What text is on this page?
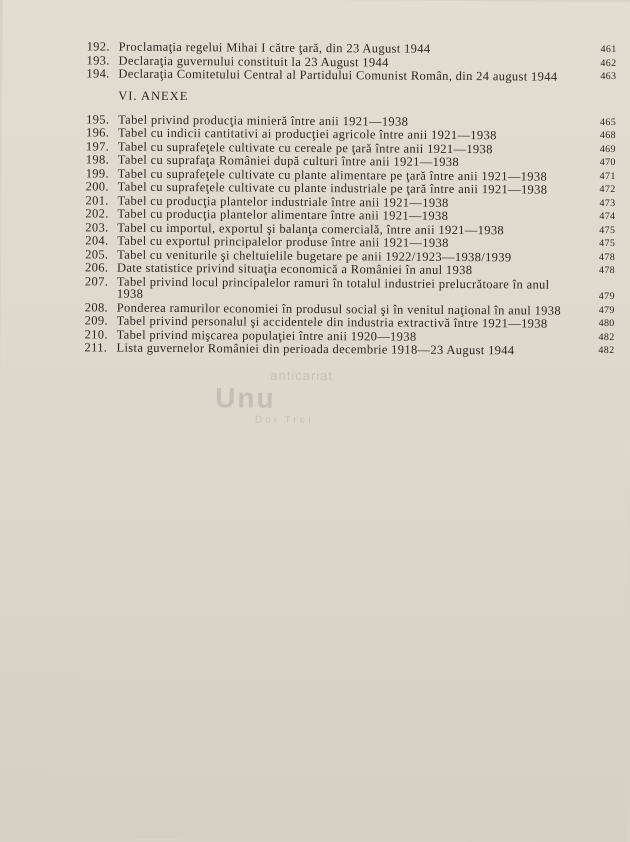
192. Proclamaţia regelui Mihai I către ţară, din 23 August 1944	461
193. Declaraţia guvernului constituit la 23 August 1944	462
194. Declaraţia Comitetului Central al Partidului Comunist Român, din 24 august 1944	463
VI. ANEXE
195. Tabel privind producţia minieră între anii 1921—1938	465
196. Tabel cu indicii cantitativi ai producţiei agricole între anii 1921—1938	468
197. Tabel cu suprafeţele cultivate cu cereale pe ţară între anii 1921—1938	469
198. Tabel cu suprafaţa României după culturi între anii 1921—1938	470
199. Tabel cu suprafeţele cultivate cu plante alimentare pe ţară între anii 1921—1938	471
200. Tabel cu suprafeţele cultivate cu plante industriale pe ţară între anii 1921—1938	472
201. Tabel cu producţia plantelor industriale între anii 1921—1938	473
202. Tabel cu producţia plantelor alimentare între anii 1921—1938	474
203. Tabel cu importul, exportul şi balanţa comercială, între anii 1921—1938	475
204. Tabel cu exportul principalelor produse între anii 1921—1938	475
205. Tabel cu veniturile şi cheltuielile bugetare pe anii 1922/1923—1938/1939	478
206. Date statistice privind situaţia economică a României în anul 1938	478
207. Tabel privind locul principalelor ramuri în totalul industriei prelucrătoare în anul 1938	479
208. Ponderea ramurilor economiei în produsul social şi în venitul naţional în anul 1938	479
209. Tabel privind personalul şi accidentele din industria extractivă între 1921—1938	480
210. Tabel privind mişcarea populaţiei între anii 1920—1938	482
211. Lista guvernelor României din perioada decembrie 1918—23 August 1944	482
anticariat
Unu
Doi Trei
